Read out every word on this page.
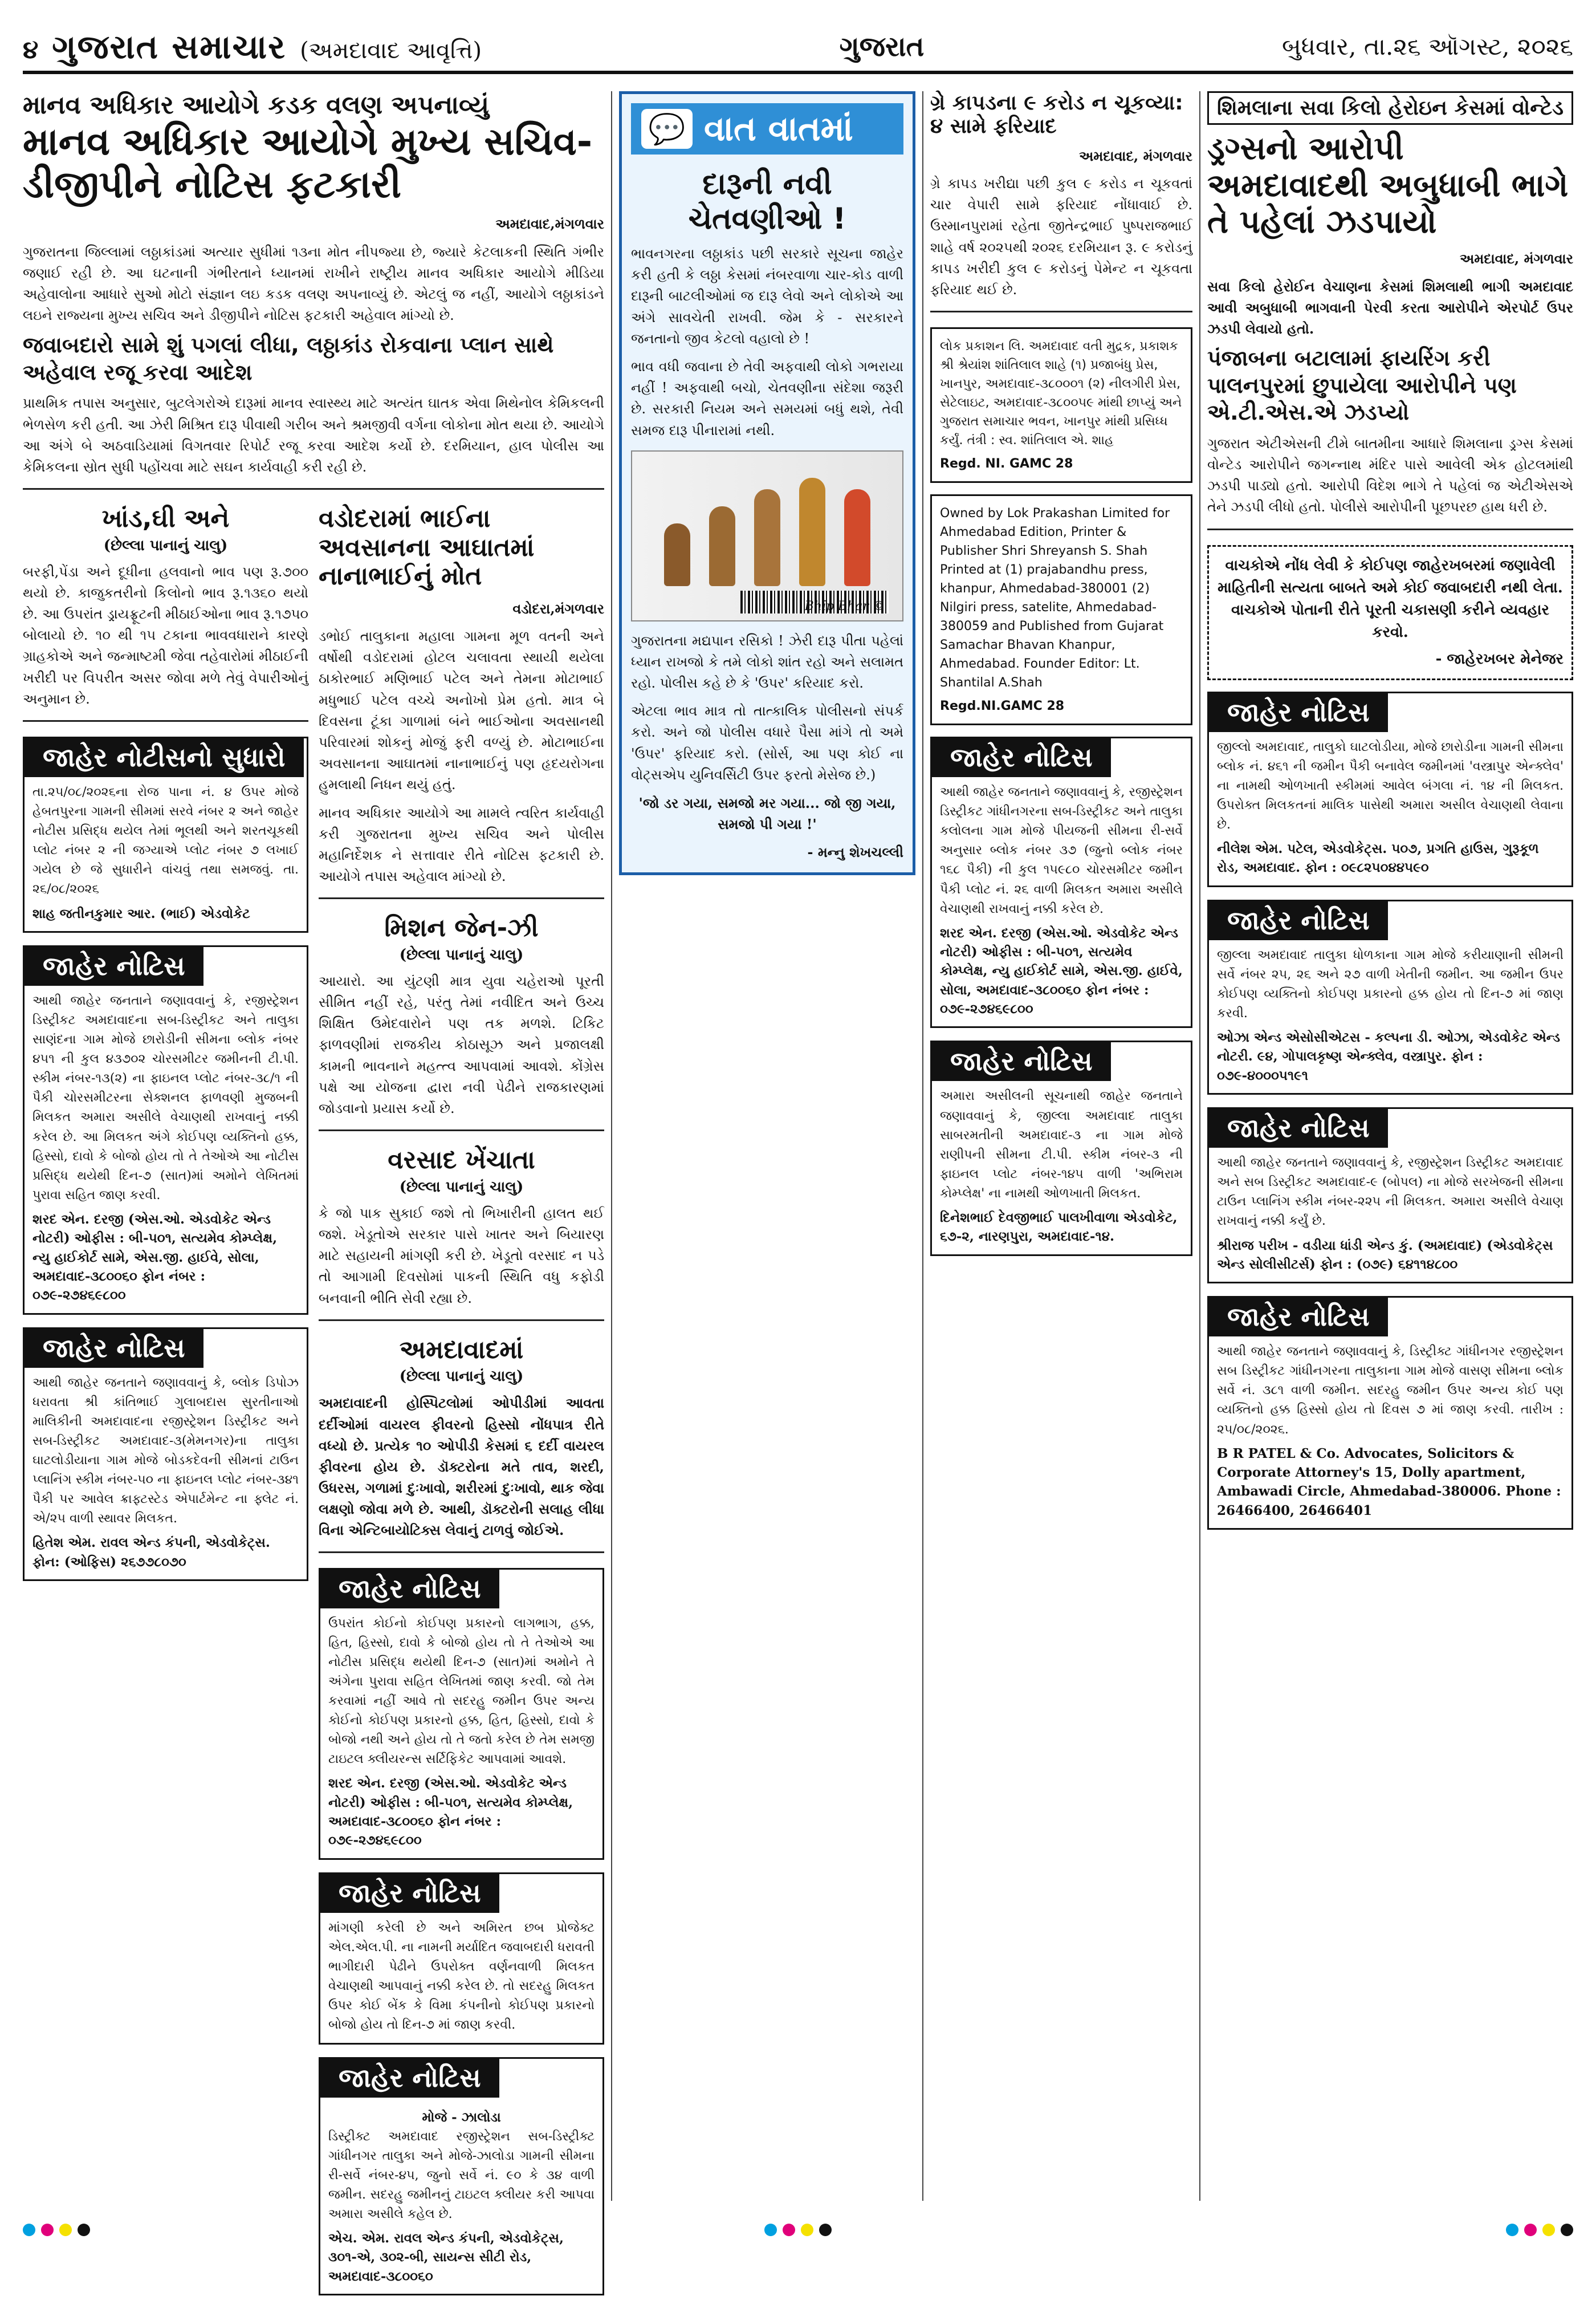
૪ ગુજરાત સમાચાર (અમદાવાદ આવૃત્તિ)	ગુજરાત	બુધવાર, તા.૨૬ ઑગસ્ટ, ૨૦૨૬
માનવ અધિકાર આયોગે કડક વલણ અપનાવ્યું
માનવ અધિકાર આયોગે મુખ્ય સચિવ-ડીજીપીને નોટિસ ફટકારી
અમદાવાદ,મંગળવાર
ગુજરાતના જિલ્લામાં લઠ્ઠાકાંડમાં અત્યાર સુધીમાં ૧૩ના મોત નીપજ્યા છે, જ્યારે કેટલાકની સ્થિતિ ગંભીર જણાઈ રહી છે. આ ઘટનાની ગંભીરતાને ધ્યાનમાં રાખીને રાષ્ટ્રીય માનવ અધિકાર આયોગે મીડિયા અહેવાલોના આધારે સુઓ મોટો સંજ્ઞાન લઇ કડક વલણ અપનાવ્યું છે. એટલું જ નહીં, આયોગે લઠ્ઠાકાંડને લઇને રાજ્યના મુખ્ય સચિવ અને ડીજીપીને નોટિસ ફટકારી અહેવાલ માંગ્યો છે.
જવાબદારો સામે શું પગલાં લીધા, લઠ્ઠાકાંડ રોકવાના પ્લાન સાથે અહેવાલ રજૂ કરવા આદેશ
પ્રાથમિક તપાસ અનુસાર, બુટલેગરોએ દારૂમાં માનવ સ્વાસ્થ્ય માટે અત્યંત ઘાતક એવા મિથેનોલ કેમિકલની ભેળસેળ કરી હતી. આ ઝેરી મિશ્રિત દારૂ પીવાથી ગરીબ અને શ્રમજીવી વર્ગના લોકોના મોત થયા છે. આયોગે આ અંગે બે અઠવાડિયામાં વિગતવાર રિપોર્ટ રજૂ કરવા આદેશ કર્યો છે. દરમિયાન, હાલ પોલીસ આ કેમિકલના સ્રોત સુધી પહોંચવા માટે સઘન કાર્યવાહી કરી રહી છે.
ખાંડ,ઘી અને
(છેલ્લા પાનાનું ચાલુ)
બરફી,પેંડા અને દૂધીના હલવાનો ભાવ પણ રૂ.૭૦૦ થયો છે. કાજુકતરીનો કિલોનો ભાવ રૂ.૧૩૬૦ થયો છે. આ ઉપરાંત ડ્રાયફ્રૂટની મીઠાઈઓના ભાવ રૂ.૧૭૫૦ બોલાયો છે. ૧૦ થી ૧૫ ટકાના ભાવવધારાને કારણે ગ્રાહકોએ અને જન્માષ્ટમી જેવા તહેવારોમાં મીઠાઈની ખરીદી પર વિપરીત અસર જોવા મળે તેવું વેપારીઓનું અનુમાન છે.
જાહેર નોટીસનો સુધારો
તા.૨૫/૦૮/૨૦૨૬ના રોજ પાના નં. ૪ ઉપર મોજે હેબતપુરના ગામની સીમમાં સરવે નંબર ૨ અને જાહેર નોટીસ પ્રસિદ્ધ થયેલ તેમાં ભૂલથી અને શરતચૂકથી પ્લોટ નંબર ૨ ની જગ્યાએ પ્લોટ નંબર ૭ લખાઈ ગયેલ છે જે સુધારીને વાંચવું તથા સમજવું. તા. ૨૬/૦૮/૨૦૨૬
શાહ જતીનકુમાર આર. (ભાઈ) એડવોકેટ
જાહેર નોટિસ
આથી જાહેર જનતાને જણાવવાનું કે, રજીસ્ટ્રેશન ડિસ્ટ્રીકટ અમદાવાદના સબ-ડિસ્ટ્રીકટ અને તાલુકા સાણંદના ગામ મોજે છારોડીની સીમના બ્લોક નંબર ૪૫૧ ની કુલ ૪૩૭૦૨ ચોરસમીટર જમીનની ટી.પી. સ્કીમ નંબર-૧૩(૨) ના ફાઇનલ પ્લોટ નંબર-૩૮/૧ ની પૈકી ચોરસમીટરના સેક્શનલ ફાળવણી મુજબની મિલકત અમારા અસીલે વેચાણથી રાખવાનું નક્કી કરેલ છે. આ મિલકત અંગે કોઈપણ વ્યક્તિનો હક્ક, હિસ્સો, દાવો કે બોજો હોય તો તે તેઓએ આ નોટીસ પ્રસિદ્ધ થયેથી દિન-૭ (સાત)માં અમોને લેખિતમાં પુરાવા સહિત જાણ કરવી.
શરદ એન. દરજી (એસ.ઓ. એડવોકેટ એન્ડ નોટરી) ઓફીસ : બી-૫૦૧, સત્યમેવ કોમ્પ્લેક્ષ, ન્યુ હાઈકોર્ટ સામે, એસ.જી. હાઈવે, સોલા, અમદાવાદ-૩૮૦૦૬૦ ફોન નંબર : ૦૭૯-૨૭૪૬૯૮૦૦
જાહેર નોટિસ
આથી જાહેર જનતાને જણાવવાનું કે, બ્લોક ડિપોઝ ધરાવતા શ્રી કાંતિભાઈ ગુલાબદાસ સુરતીનાઓ માલિકીની અમદાવાદના રજીસ્ટ્રેશન ડિસ્ટ્રીકટ અને સબ-ડિસ્ટ્રીકટ અમદાવાદ-૩(મેમનગર)ના તાલુકા ઘાટલોડીયાના ગામ મોજે બોડકદેવની સીમનાં ટાઉન પ્લાનિંગ સ્કીમ નંબર-૫૦ ના ફાઇનલ પ્લોટ નંબર-૩૪૧ પૈકી પર આવેલ ક્રાફ્ટસ્ટેડ એપાર્ટમેન્ટ ના ફ્લેટ નં. એ/૨૫ વાળી સ્થાવર મિલકત.
હિતેશ એમ. રાવલ એન્ડ કંપની, એડવોકેટ્સ. ફોન: (ઓફિસ) ૨૬૭૭૮૦૭૦
વડોદરામાં ભાઈના અવસાનના આઘાતમાં નાનાભાઈનું મોત
વડોદરા,મંગળવાર
ડભોઈ તાલુકાના મહાલા ગામના મૂળ વતની અને વર્ષોથી વડોદરામાં હોટલ ચલાવતા સ્થાયી થયેલા ઠાકોરભાઈ મણિભાઈ પટેલ અને તેમના મોટાભાઈ મધુભાઈ પટેલ વચ્ચે અનોખો પ્રેમ હતો. માત્ર બે દિવસના ટૂંકા ગાળામાં બંને ભાઈઓના અવસાનથી પરિવારમાં શોકનું મોજું ફરી વળ્યું છે. મોટાભાઈના અવસાનના આઘાતમાં નાનાભાઈનું પણ હૃદયરોગના હુમલાથી નિધન થયું હતું.
માનવ અધિકાર આયોગે આ મામલે ત્વરિત કાર્યવાહી કરી ગુજરાતના મુખ્ય સચિવ અને પોલીસ મહાનિર્દેશક ને સત્તાવાર રીતે નોટિસ ફટકારી છે. આયોગે તપાસ અહેવાલ માંગ્યો છે.
મિશન જેન-ઝી
(છેલ્લા પાનાનું ચાલુ)
આયારો. આ યુંટણી માત્ર યુવા ચહેરાઓ પૂરતી સીમિત નહીં રહે, પરંતુ તેમાં નવીદિત અને ઉચ્ચ શિક્ષિત ઉમેદવારોને પણ તક મળશે. ટિકિટ ફાળવણીમાં રાજકીય કોઠાસૂઝ અને પ્રજાલક્ષી કામની ભાવનાને મહત્ત્વ આપવામાં આવશે. કોંગ્રેસ પક્ષે આ યોજના દ્વારા નવી પેઢીને રાજકારણમાં જોડવાનો પ્રયાસ કર્યો છે.
વરસાદ ખેંચાતા
(છેલ્લા પાનાનું ચાલુ)
કે જો પાક સુકાઈ જશે તો ભિખારીની હાલત થઈ જશે. ખેડૂતોએ સરકાર પાસે ખાતર અને બિયારણ માટે સહાયની માંગણી કરી છે. ખેડૂતો વરસાદ ન પડે તો આગામી દિવસોમાં પાકની સ્થિતિ વધુ કફોડી બનવાની ભીતિ સેવી રહ્યા છે.
અમદાવાદમાં
(છેલ્લા પાનાનું ચાલુ)
અમદાવાદની હોસ્પિટલોમાં ઓપીડીમાં આવતા દર્દીઓમાં વાયરલ ફીવરનો હિસ્સો નોંધપાત્ર રીતે વધ્યો છે. પ્રત્યેક ૧૦ ઓપીડી કેસમાં ૬ દર્દી વાયરલ ફીવરના હોય છે. ડૉક્ટરોના મતે તાવ, શરદી, ઉધરસ, ગળામાં દુઃખાવો, શરીરમાં દુઃખાવો, થાક જેવા લક્ષણો જોવા મળે છે. આથી, ડૉક્ટરોની સલાહ લીધા વિના એન્ટિબાયોટિક્સ લેવાનું ટાળવું જોઈએ.
જાહેર નોટિસ
ઉપરાંત કોઈનો કોઈપણ પ્રકારનો લાગભાગ, હક્ક, હિત, હિસ્સો, દાવો કે બોજો હોય તો તે તેઓએ આ નોટીસ પ્રસિદ્ધ થયેથી દિન-૭ (સાત)માં અમોને તે અંગેના પુરાવા સહિત લેખિતમાં જાણ કરવી. જો તેમ કરવામાં નહીં આવે તો સદરહુ જમીન ઉપર અન્ય કોઈનો કોઈપણ પ્રકારનો હક્ક, હિત, હિસ્સો, દાવો કે બોજો નથી અને હોય તો તે જતો કરેલ છે તેમ સમજી ટાઇટલ ક્લીયરન્સ સર્ટિફિકેટ આપવામાં આવશે.
શરદ એન. દરજી (એસ.ઓ. એડવોકેટ એન્ડ નોટરી) ઓફીસ : બી-૫૦૧, સત્યમેવ કોમ્પ્લેક્ષ, અમદાવાદ-૩૮૦૦૬૦ ફોન નંબર : ૦૭૯-૨૭૪૬૯૮૦૦
જાહેર નોટિસ
માંગણી કરેલી છે અને અમિરત છબ પ્રોજેક્ટ એલ.એલ.પી. ના નામની મર્યાદિત જવાબદારી ધરાવતી ભાગીદારી પેઢીને ઉપરોક્ત વર્ણનવાળી મિલકત વેચાણથી આપવાનું નક્કી કરેલ છે. તો સદરહુ મિલકત ઉપર કોઈ બેંક કે વિમા કંપનીનો કોઈપણ પ્રકારનો બોજો હોય તો દિન-૭ માં જાણ કરવી.
જાહેર નોટિસ
મોજે - ઝાલોડા
ડિસ્ટ્રીક્ટ અમદાવાદ રજીસ્ટ્રેશન સબ-ડિસ્ટ્રીક્ટ ગાંધીનગર તાલુકા અને મોજે-ઝાલોડા ગામની સીમના રી-સર્વે નંબર-૪૫, જુનો સર્વે નં. ૯૦ કે ૩૪ વાળી જમીન. સદરહુ જમીનનું ટાઇટલ ક્લીયર કરી આપવા અમારા અસીલે કહેલ છે.
એચ. એમ. રાવલ એન્ડ કંપની, એડવોકેટ્સ, ૩૦૧-એ, ૩૦૨-બી, સાયન્સ સીટી રોડ, અમદાવાદ-૩૮૦૦૬૦
💬 વાત વાતમાં
દારૂની નવી ચેતવણીઓ !
ભાવનગરના લઠ્ઠાકાંડ પછી સરકારે સૂચના જાહેર કરી હતી કે લઠ્ઠા કેસમાં નંબરવાળા ચાર-કોડ વાળી દારૂની બાટલીઓમાં જ દારૂ લેવો અને લોકોએ આ અંગે સાવચેતી રાખવી. જેમ કે - સરકારને જનતાનો જીવ કેટલો વહાલો છે !
ભાવ વધી જવાના છે તેવી અફવાથી લોકો ગભરાયા નહીં ! અફવાથી બચો, ચેતવણીના સંદેશા જરૂરી છે. સરકારી નિયમ અને સમયમાં બધું થશે, તેવી સમજ દારૂ પીનારામાં નથી.
Bhīp Bhar ©
ગુજરાતના મદ્યપાન રસિકો ! ઝેરી દારૂ પીતા પહેલાં ધ્યાન રાખજો કે તમે લોકો શાંત રહો અને સલામત રહો. પોલીસ કહે છે કે 'ઉપર' કરિયાદ કરો.
એટલા ભાવ માત્ર તો તાત્કાલિક પોલીસનો સંપર્ક કરો. અને જો પોલીસ વધારે પૈસા માંગે તો અમે 'ઉપર' ફરિયાદ કરો. (સોર્સ, આ પણ કોઈ ના વોટ્સએપ યુનિવર્સિટી ઉપર ફરતો મેસેજ છે.)
'જો ડર ગયા, સમજો મર ગયા... જો જી ગયા, સમજો પી ગયા !'
- મન્નુ શેખચલ્લી
ગ્રે કાપડના ૯ કરોડ ન ચૂકવ્યા: ૪ સામે ફરિયાદ
અમદાવાદ, મંગળવાર
ગ્રે કાપડ ખરીદ્યા પછી કુલ ૯ કરોડ ન ચૂકવતાં ચાર વેપારી સામે ફરિયાદ નોંધાવાઈ છે. ઉસ્માનપુરામાં રહેતા જીતેન્દ્રભાઈ પુષ્પરાજભાઈ શાહે વર્ષ ૨૦૨૫થી ૨૦૨૬ દરમિયાન રૂ. ૯ કરોડનું કાપડ ખરીદી કુલ ૯ કરોડનું પેમેન્ટ ન ચૂકવતા ફરિયાદ થઈ છે.
લોક પ્રકાશન લિ. અમદાવાદ વતી મુદ્રક, પ્રકાશક શ્રી શ્રેયાંશ શાંતિલાલ શાહે (૧) પ્રજાબંધુ પ્રેસ, ખાનપુર, અમદાવાદ-૩૮૦૦૦૧ (૨) નીલગીરી પ્રેસ, સેટેલાઇટ, અમદાવાદ-૩૮૦૦૫૯ માંથી છાપ્યું અને ગુજરાત સમાચાર ભવન, ખાનપુર માંથી પ્રસિધ્ધ કર્યું. તંત્રી : સ્વ. શાંતિલાલ એ. શાહ
Regd. NI. GAMC 28
Owned by Lok Prakashan Limited for Ahmedabad Edition, Printer & Publisher Shri Shreyansh S. Shah Printed at (1) prajabandhu press, khanpur, Ahmedabad-380001 (2) Nilgiri press, satelite, Ahmedabad-380059 and Published from Gujarat Samachar Bhavan Khanpur, Ahmedabad. Founder Editor: Lt. Shantilal A.Shah
Regd.NI.GAMC 28
જાહેર નોટિસ
આથી જાહેર જનતાને જણાવવાનું કે, રજીસ્ટ્રેશન ડિસ્ટ્રીકટ ગાંધીનગરના સબ-ડિસ્ટ્રીકટ અને તાલુકા કલોલના ગામ મોજે પીયજની સીમના રી-સર્વે અનુસાર બ્લોક નંબર ૩૭ (જુનો બ્લોક નંબર ૧૬૮ પૈકી) ની કુલ ૧૫૯૮૦ ચોરસમીટર જમીન પૈકી પ્લોટ નં. ૨૬ વાળી મિલકત અમારા અસીલે વેચાણથી રાખવાનું નક્કી કરેલ છે.
શરદ એન. દરજી (એસ.ઓ. એડવોકેટ એન્ડ નોટરી) ઓફીસ : બી-૫૦૧, સત્યમેવ કોમ્પ્લેક્ષ, ન્યુ હાઈકોર્ટ સામે, એસ.જી. હાઈવે, સોલા, અમદાવાદ-૩૮૦૦૬૦ ફોન નંબર : ૦૭૯-૨૭૪૬૯૮૦૦
જાહેર નોટિસ
અમારા અસીલની સૂચનાથી જાહેર જનતાને જણાવવાનું કે, જીલ્લા અમદાવાદ તાલુકા સાબરમતીની અમદાવાદ-૩ ના ગામ મોજે રાણીપની સીમના ટી.પી. સ્કીમ નંબર-૩ ની ફાઇનલ પ્લોટ નંબર-૧૪૫ વાળી 'અભિરામ કોમ્પ્લેક્ષ' ના નામથી ઓળખાતી મિલકત.
દિનેશભાઈ દેવજીભાઈ પાલખીવાળા એડવોકેટ, ૬૭-૨, નારણપુરા, અમદાવાદ-૧૪.
શિમલાના સવા કિલો હેરોઇન કેસમાં વોન્ટેડ
ડ્રગ્સનો આરોપી અમદાવાદથી અબુધાબી ભાગે તે પહેલાં ઝડપાયો
અમદાવાદ, મંગળવાર
સવા કિલો હેરોઈન વેચાણના કેસમાં શિમલાથી ભાગી અમદાવાદ આવી અબુધાબી ભાગવાની પેરવી કરતા આરોપીને એરપોર્ટ ઉપર ઝડપી લેવાયો હતો.
પંજાબના બટાલામાં ફાયરિંગ કરી પાલનપુરમાં છુપાયેલા આરોપીને પણ એ.ટી.એસ.એ ઝડપ્યો
ગુજરાત એટીએસની ટીમે બાતમીના આધારે શિમલાના ડ્રગ્સ કેસમાં વોન્ટેડ આરોપીને જગન્નાથ મંદિર પાસે આવેલી એક હોટલમાંથી ઝડપી પાડ્યો હતો. આરોપી વિદેશ ભાગે તે પહેલાં જ એટીએસએ તેને ઝડપી લીધો હતો. પોલીસે આરોપીની પૂછપરછ હાથ ધરી છે.
વાચકોએ નોંધ લેવી કે કોઈપણ જાહેરખબરમાં જણાવેલી માહિતીની સત્યતા બાબતે અમે કોઈ જવાબદારી નથી લેતા. વાચકોએ પોતાની રીતે પૂરતી ચકાસણી કરીને વ્યવહાર કરવો.
- જાહેરખબર મેનેજર
જાહેર નોટિસ
જીલ્લો અમદાવાદ, તાલુકો ઘાટલોડીયા, મોજે છારોડીના ગામની સીમના બ્લોક નં. ૪૬૧ ની જમીન પૈકી બનાવેલ જમીનમાં 'વસ્ત્રાપુર એન્ક્લેવ' ના નામથી ઓળખાતી સ્કીમમાં આવેલ બંગલા નં. ૧૪ ની મિલકત. ઉપરોક્ત મિલકતનાં માલિક પાસેથી અમારા અસીલ વેચાણથી લેવાના છે.
નીલેશ એમ. પટેલ, એડવોકેટ્સ. ૫૦૭, પ્રગતિ હાઉસ, ગુરૂકૂળ રોડ, અમદાવાદ. ફોન : ૦૯૮૨૫૦૪૪૫૯૦
જાહેર નોટિસ
જીલ્લા અમદાવાદ તાલુકા ધોળકાના ગામ મોજે કરીયાણાની સીમની સર્વે નંબર ૨૫, ૨૬ અને ૨૭ વાળી ખેતીની જમીન. આ જમીન ઉપર કોઈપણ વ્યક્તિનો કોઈપણ પ્રકારનો હક્ક હોય તો દિન-૭ માં જાણ કરવી.
ઓઝા એન્ડ એસોસીએટસ - કલ્પના ડી. ઓઝા, એડવોકેટ એન્ડ નોટરી. ૯૪, ગોપાલકૃષ્ણ એન્ક્લેવ, વસ્ત્રાપુર. ફોન : ૦૭૯-૪૦૦૦૫૧૯૧
જાહેર નોટિસ
આથી જાહેર જનતાને જણાવવાનું કે, રજીસ્ટ્રેશન ડિસ્ટ્રીકટ અમદાવાદ અને સબ ડિસ્ટ્રીકટ અમદાવાદ-૯ (બોપલ) ના મોજે સરખેજની સીમના ટાઉન પ્લાનિંગ સ્કીમ નંબર-૨૨૫ ની મિલકત. અમારા અસીલે વેચાણ રાખવાનું નક્કી કર્યું છે.
શ્રીરાજ પરીખ - વડીયા ધાંડી એન્ડ કું. (અમદાવાદ) (એડવોકેટ્સ એન્ડ સોલીસીટર્સ) ફોન : (૦૭૯) ૬૪૧૧૪૮૦૦
જાહેર નોટિસ
આથી જાહેર જનતાને જણાવવાનું કે, ડિસ્ટ્રીક્ટ ગાંધીનગર રજીસ્ટ્રેશન સબ ડિસ્ટ્રીકટ ગાંધીનગરના તાલુકાના ગામ મોજે વાસણ સીમના બ્લોક સર્વે નં. ૩૮૧ વાળી જમીન. સદરહુ જમીન ઉપર અન્ય કોઈ પણ વ્યક્તિનો હક્ક હિસ્સો હોય તો દિવસ ૭ માં જાણ કરવી. તારીખ : ૨૫/૦૮/૨૦૨૬.
B R PATEL & Co. Advocates, Solicitors & Corporate Attorney's 15, Dolly apartment, Ambawadi Circle, Ahmedabad-380006. Phone : 26466400, 26466401
